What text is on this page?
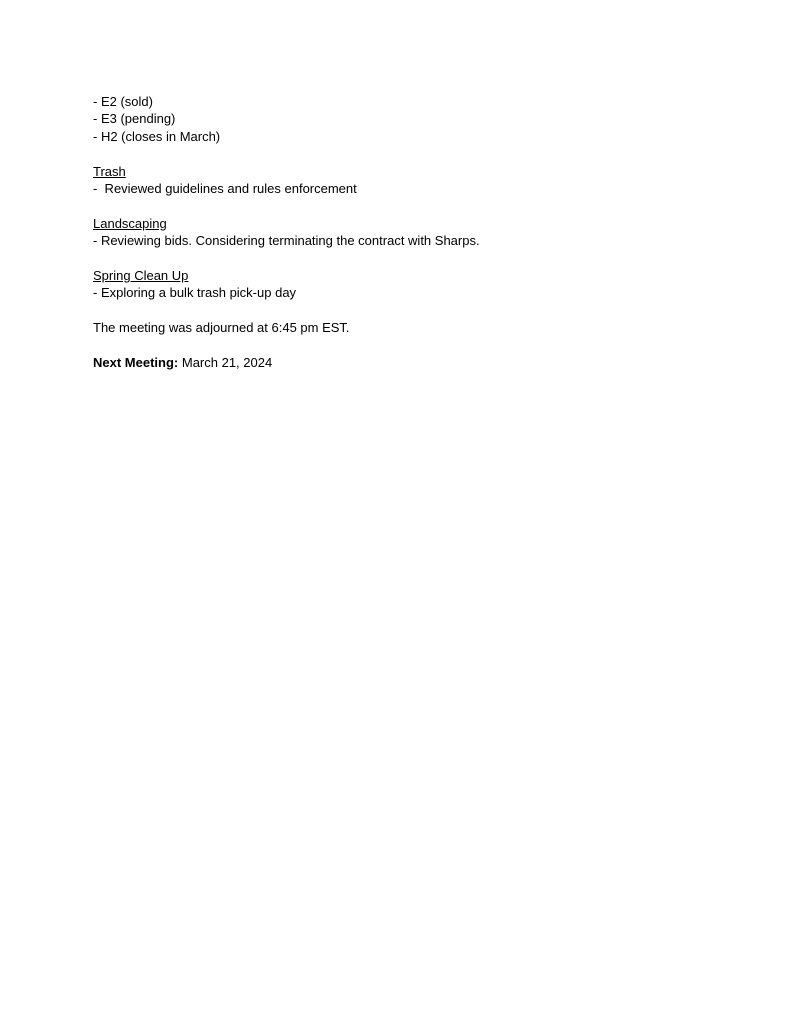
- E2 (sold)
- E3 (pending)
- H2 (closes in March)
Trash
-  Reviewed guidelines and rules enforcement
Landscaping
- Reviewing bids. Considering terminating the contract with Sharps.
Spring Clean Up
- Exploring a bulk trash pick-up day
The meeting was adjourned at 6:45 pm EST.
Next Meeting: March 21, 2024
